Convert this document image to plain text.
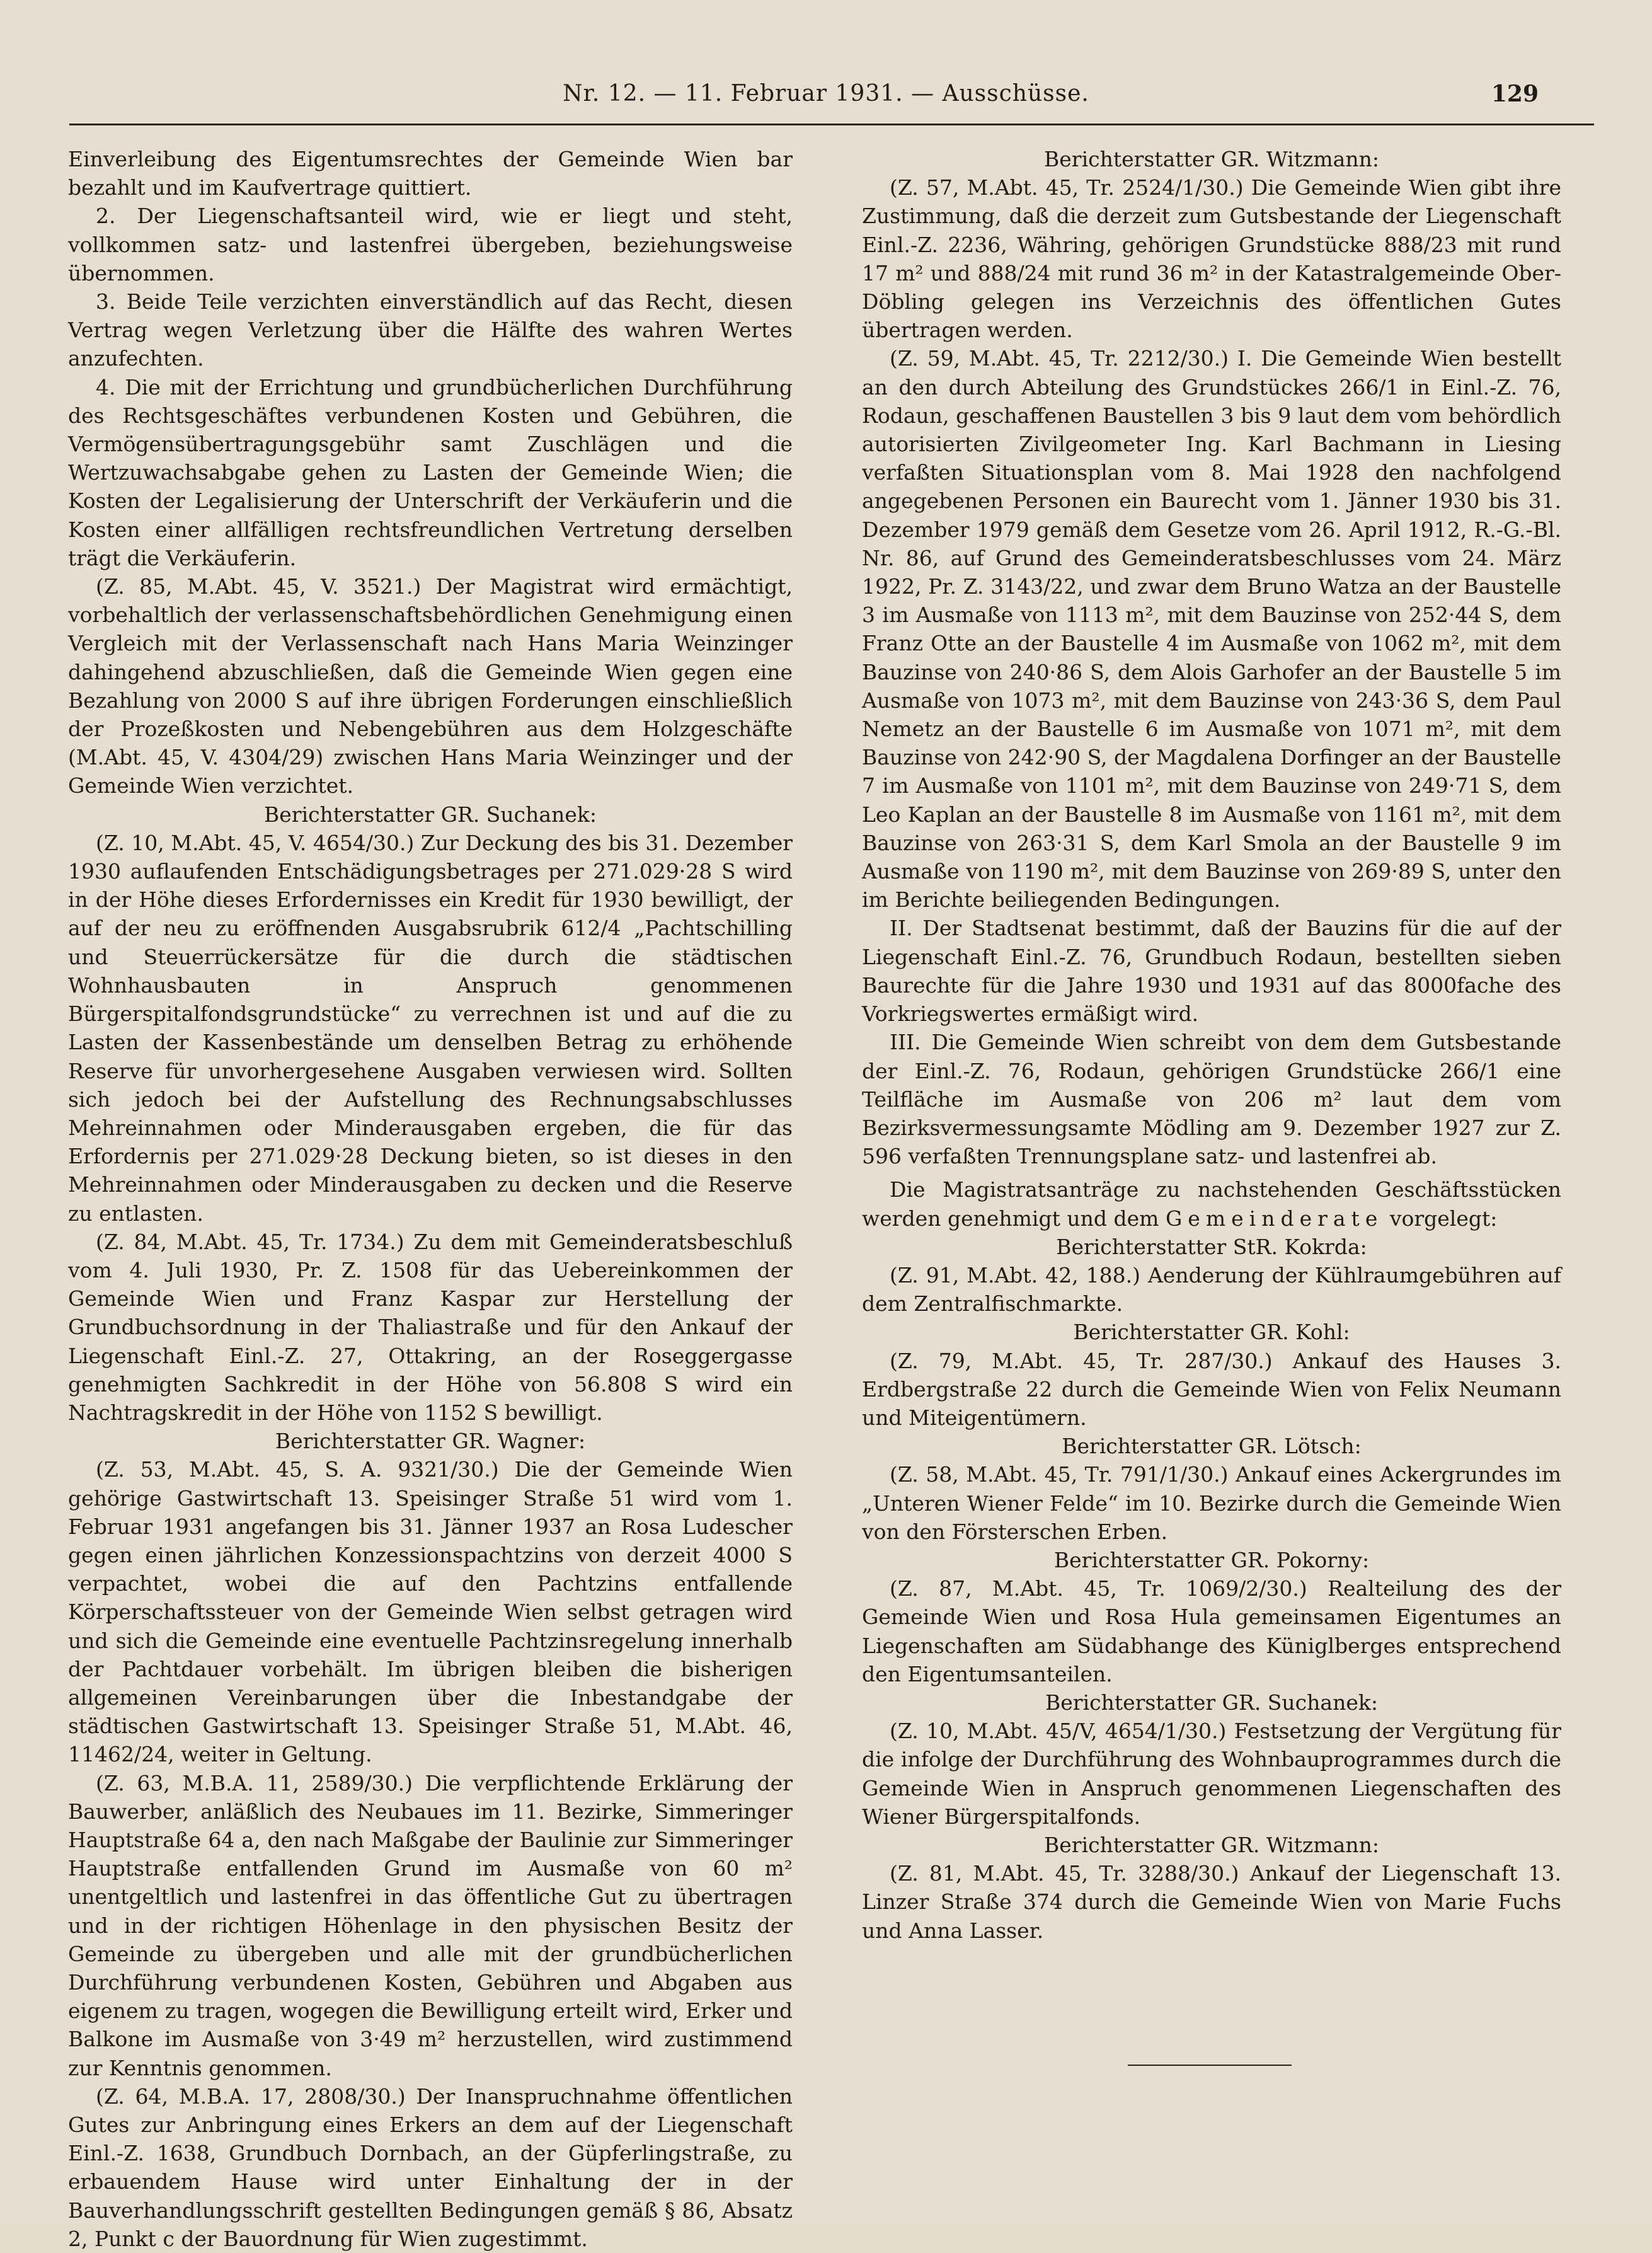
Nr. 12. — 11. Februar 1931. — Ausschüsse.	129

Einverleibung des Eigentumsrechtes der Gemeinde Wien bar bezahlt und im Kaufvertrage quittiert.

2. Der Liegenschaftsanteil wird, wie er liegt und steht, vollkommen satz- und lastenfrei übergeben, beziehungsweise übernommen.

3. Beide Teile verzichten einverständlich auf das Recht, diesen Vertrag wegen Verletzung über die Hälfte des wahren Wertes anzufechten.

4. Die mit der Errichtung und grundbücherlichen Durchführung des Rechtsgeschäftes verbundenen Kosten und Gebühren, die Vermögensübertragungsgebühr samt Zuschlägen und die Wertzuwachsabgabe gehen zu Lasten der Gemeinde Wien; die Kosten der Legalisierung der Unterschrift der Verkäuferin und die Kosten einer allfälligen rechtsfreundlichen Vertretung derselben trägt die Verkäuferin.

(Z. 85, M.Abt. 45, V. 3521.) Der Magistrat wird ermächtigt, vorbehaltlich der verlassenschaftsbehördlichen Genehmigung einen Vergleich mit der Verlassenschaft nach Hans Maria Weinzinger dahingehend abzuschließen, daß die Gemeinde Wien gegen eine Bezahlung von 2000 S auf ihre übrigen Forderungen einschließlich der Prozeßkosten und Nebengebühren aus dem Holzgeschäfte (M.Abt. 45, V. 4304/29) zwischen Hans Maria Weinzinger und der Gemeinde Wien verzichtet.

Berichterstatter GR. Suchanek:

(Z. 10, M.Abt. 45, V. 4654/30.) Zur Deckung des bis 31. Dezember 1930 auflaufenden Entschädigungsbetrages per 271.029·28 S wird in der Höhe dieses Erfordernisses ein Kredit für 1930 bewilligt, der auf der neu zu eröffnenden Ausgabsrubrik 612/4 „Pachtschilling und Steuerrückersätze für die durch die städtischen Wohnhausbauten in Anspruch genommenen Bürgerspitalfondsgrundstücke“ zu verrechnen ist und auf die zu Lasten der Kassenbestände um denselben Betrag zu erhöhende Reserve für unvorhergesehene Ausgaben verwiesen wird. Sollten sich jedoch bei der Aufstellung des Rechnungsabschlusses Mehreinnahmen oder Minderausgaben ergeben, die für das Erfordernis per 271.029·28 Deckung bieten, so ist dieses in den Mehreinnahmen oder Minderausgaben zu decken und die Reserve zu entlasten.

(Z. 84, M.Abt. 45, Tr. 1734.) Zu dem mit Gemeinderatsbeschluß vom 4. Juli 1930, Pr. Z. 1508 für das Uebereinkommen der Gemeinde Wien und Franz Kaspar zur Herstellung der Grundbuchsordnung in der Thaliastraße und für den Ankauf der Liegenschaft Einl.-Z. 27, Ottakring, an der Roseggergasse genehmigten Sachkredit in der Höhe von 56.808 S wird ein Nachtragskredit in der Höhe von 1152 S bewilligt.

Berichterstatter GR. Wagner:

(Z. 53, M.Abt. 45, S. A. 9321/30.) Die der Gemeinde Wien gehörige Gastwirtschaft 13. Speisinger Straße 51 wird vom 1. Februar 1931 angefangen bis 31. Jänner 1937 an Rosa Ludescher gegen einen jährlichen Konzessionspachtzins von derzeit 4000 S verpachtet, wobei die auf den Pachtzins entfallende Körperschaftssteuer von der Gemeinde Wien selbst getragen wird und sich die Gemeinde eine eventuelle Pachtzinsregelung innerhalb der Pachtdauer vorbehält. Im übrigen bleiben die bisherigen allgemeinen Vereinbarungen über die Inbestandgabe der städtischen Gastwirtschaft 13. Speisinger Straße 51, M.Abt. 46, 11462/24, weiter in Geltung.

(Z. 63, M.B.A. 11, 2589/30.) Die verpflichtende Erklärung der Bauwerber, anläßlich des Neubaues im 11. Bezirke, Simmeringer Hauptstraße 64 a, den nach Maßgabe der Baulinie zur Simmeringer Hauptstraße entfallenden Grund im Ausmaße von 60 m² unentgeltlich und lastenfrei in das öffentliche Gut zu übertragen und in der richtigen Höhenlage in den physischen Besitz der Gemeinde zu übergeben und alle mit der grundbücherlichen Durchführung verbundenen Kosten, Gebühren und Abgaben aus eigenem zu tragen, wogegen die Bewilligung erteilt wird, Erker und Balkone im Ausmaße von 3·49 m² herzustellen, wird zustimmend zur Kenntnis genommen.

(Z. 64, M.B.A. 17, 2808/30.) Der Inanspruchnahme öffentlichen Gutes zur Anbringung eines Erkers an dem auf der Liegenschaft Einl.-Z. 1638, Grundbuch Dornbach, an der Güpferlingstraße, zu erbauendem Hause wird unter Einhaltung der in der Bauverhandlungsschrift gestellten Bedingungen gemäß § 86, Absatz 2, Punkt c der Bauordnung für Wien zugestimmt.

Berichterstatter GR. Witzmann:

(Z. 57, M.Abt. 45, Tr. 2524/1/30.) Die Gemeinde Wien gibt ihre Zustimmung, daß die derzeit zum Gutsbestande der Liegenschaft Einl.-Z. 2236, Währing, gehörigen Grundstücke 888/23 mit rund 17 m² und 888/24 mit rund 36 m² in der Katastralgemeinde Ober-Döbling gelegen ins Verzeichnis des öffentlichen Gutes übertragen werden.

(Z. 59, M.Abt. 45, Tr. 2212/30.) I. Die Gemeinde Wien bestellt an den durch Abteilung des Grundstückes 266/1 in Einl.-Z. 76, Rodaun, geschaffenen Baustellen 3 bis 9 laut dem vom behördlich autorisierten Zivilgeometer Ing. Karl Bachmann in Liesing verfaßten Situationsplan vom 8. Mai 1928 den nachfolgend angegebenen Personen ein Baurecht vom 1. Jänner 1930 bis 31. Dezember 1979 gemäß dem Gesetze vom 26. April 1912, R.-G.-Bl. Nr. 86, auf Grund des Gemeinderatsbeschlusses vom 24. März 1922, Pr. Z. 3143/22, und zwar dem Bruno Watza an der Baustelle 3 im Ausmaße von 1113 m², mit dem Bauzinse von 252·44 S, dem Franz Otte an der Baustelle 4 im Ausmaße von 1062 m², mit dem Bauzinse von 240·86 S, dem Alois Garhofer an der Baustelle 5 im Ausmaße von 1073 m², mit dem Bauzinse von 243·36 S, dem Paul Nemetz an der Baustelle 6 im Ausmaße von 1071 m², mit dem Bauzinse von 242·90 S, der Magdalena Dorfinger an der Baustelle 7 im Ausmaße von 1101 m², mit dem Bauzinse von 249·71 S, dem Leo Kaplan an der Baustelle 8 im Ausmaße von 1161 m², mit dem Bauzinse von 263·31 S, dem Karl Smola an der Baustelle 9 im Ausmaße von 1190 m², mit dem Bauzinse von 269·89 S, unter den im Berichte beiliegenden Bedingungen.

II. Der Stadtsenat bestimmt, daß der Bauzins für die auf der Liegenschaft Einl.-Z. 76, Grundbuch Rodaun, bestellten sieben Baurechte für die Jahre 1930 und 1931 auf das 8000fache des Vorkriegswertes ermäßigt wird.

III. Die Gemeinde Wien schreibt von dem dem Gutsbestande der Einl.-Z. 76, Rodaun, gehörigen Grundstücke 266/1 eine Teilfläche im Ausmaße von 206 m² laut dem vom Bezirksvermessungsamte Mödling am 9. Dezember 1927 zur Z. 596 verfaßten Trennungsplane satz- und lastenfrei ab.

Die Magistratsanträge zu nachstehenden Geschäftsstücken werden genehmigt und dem Gemeinderate vorgelegt:

Berichterstatter StR. Kokrda:

(Z. 91, M.Abt. 42, 188.) Aenderung der Kühlraumgebühren auf dem Zentralfischmarkte.

Berichterstatter GR. Kohl:

(Z. 79, M.Abt. 45, Tr. 287/30.) Ankauf des Hauses 3. Erdbergstraße 22 durch die Gemeinde Wien von Felix Neumann und Miteigentümern.

Berichterstatter GR. Lötsch:

(Z. 58, M.Abt. 45, Tr. 791/1/30.) Ankauf eines Ackergrundes im „Unteren Wiener Felde“ im 10. Bezirke durch die Gemeinde Wien von den Försterschen Erben.

Berichterstatter GR. Pokorny:

(Z. 87, M.Abt. 45, Tr. 1069/2/30.) Realteilung des der Gemeinde Wien und Rosa Hula gemeinsamen Eigentumes an Liegenschaften am Südabhange des Küniglberges entsprechend den Eigentumsanteilen.

Berichterstatter GR. Suchanek:

(Z. 10, M.Abt. 45/V, 4654/1/30.) Festsetzung der Vergütung für die infolge der Durchführung des Wohnbauprogrammes durch die Gemeinde Wien in Anspruch genommenen Liegenschaften des Wiener Bürgerspitalfonds.

Berichterstatter GR. Witzmann:

(Z. 81, M.Abt. 45, Tr. 3288/30.) Ankauf der Liegenschaft 13. Linzer Straße 374 durch die Gemeinde Wien von Marie Fuchs und Anna Lasser.
